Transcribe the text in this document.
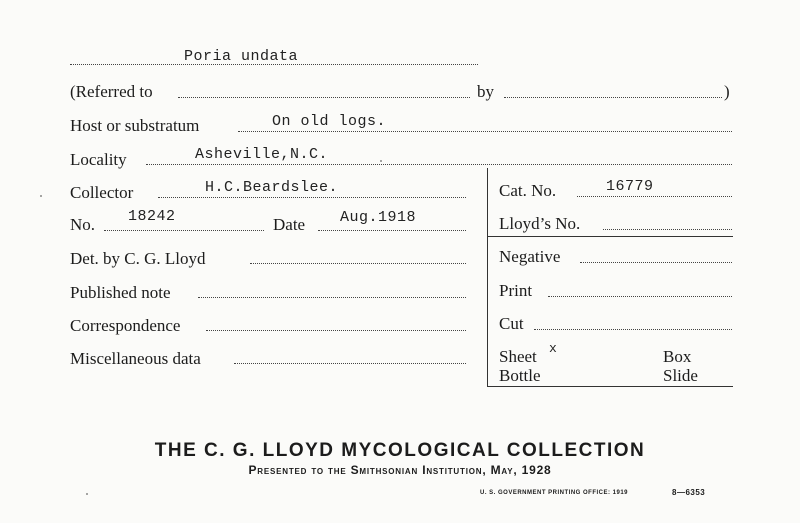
Poria undata
(Referred to	by	)
Host or substratum	On old logs.
Locality	Asheville,N.C.
Collector	H.C.Beardslee.	Cat. No.	16779
No. 18242	Date Aug.1918	Lloyd’s No.
Det. by C. G. Lloyd	Negative
Published note	Print
Correspondence	Cut
Miscellaneous data	Sheet x	Box
Bottle	Slide
THE C. G. LLOYD MYCOLOGICAL COLLECTION
Presented to the Smithsonian Institution, May, 1928
U. S. GOVERNMENT PRINTING OFFICE: 1919	8—6353
